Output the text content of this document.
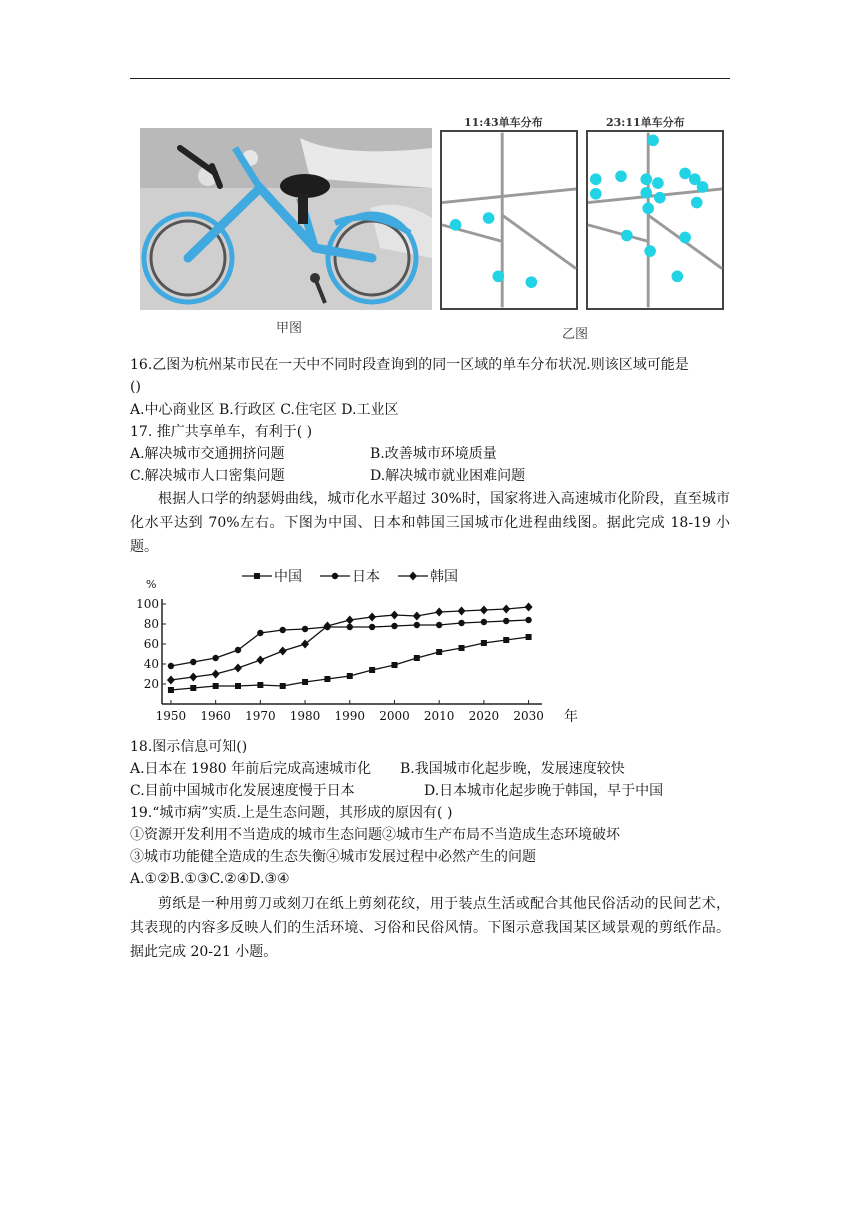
甲图
11:43单车分布	23:11单车分布
乙图
16.乙图为杭州某市民在一天中不同时段查询到的同一区域的单车分布状况.则该区域可能是
()
A.中心商业区 B.行政区 C.住宅区 D.工业区
17. 推广共享单车，有利于( )
A.解决城市交通拥挤问题	B.改善城市环境质量
C.解决城市人口密集问题	D.解决城市就业困难问题
根据人口学的纳瑟姆曲线，城市化水平超过 30%时，国家将进入高速城市化阶段，直至城市化水平达到 70%左右。下图为中国、日本和韩国三国城市化进程曲线图。据此完成 18-19 小题。
20
40
60
80
100
%
1950 1960 1970 1980 1990 2000 2010 2020 2030 年
中国	日本	韩国
18.图示信息可知()
A.日本在 1980 年前后完成高速城市化 B.我国城市化起步晚，发展速度较快
C.目前中国城市化发展速度慢于日本	D.日本城市化起步晚于韩国，早于中国
19.“城市病”实质.上是生态问题，其形成的原因有( )
①资源开发利用不当造成的城市生态问题②城市生产布局不当造成生态环境破坏
③城市功能健全造成的生态失衡④城市发展过程中必然产生的问题
A.①②B.①③C.②④D.③④
剪纸是一种用剪刀或刻刀在纸上剪刻花纹，用于装点生活或配合其他民俗活动的民间艺术，其表现的内容多反映人们的生活环境、习俗和民俗风情。下图示意我国某区域景观的剪纸作品。据此完成 20-21 小题。
